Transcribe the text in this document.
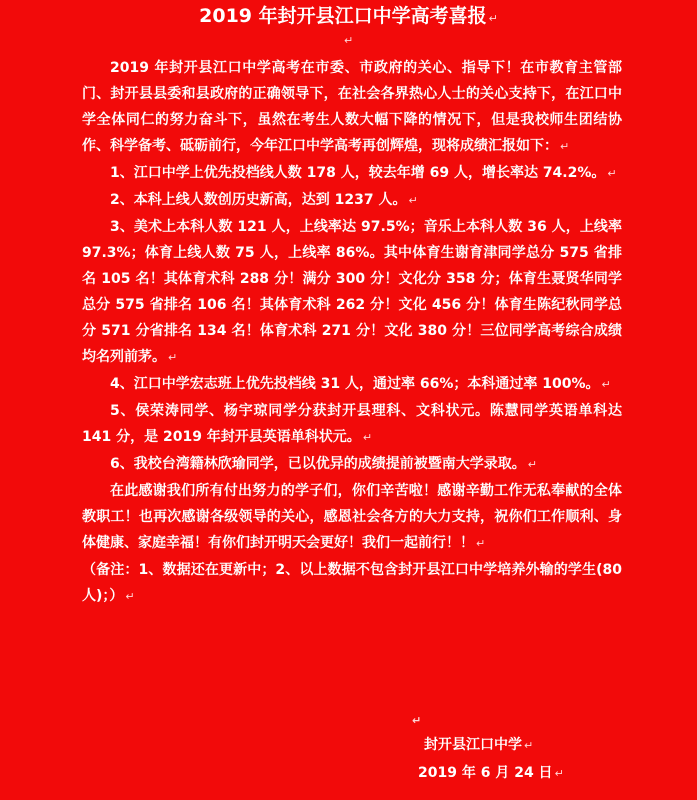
2019 年封开县江口中学高考喜报 ↵
↵

2019 年封开县江口中学高考在市委、市政府的关心、指导下！在市教育主管部门、封开县县委和县政府的正确领导下，在社会各界热心人士的关心支持下，在江口中学全体同仁的努力奋斗下，虽然在考生人数大幅下降的情况下，但是我校师生团结协作、科学备考、砥砺前行，今年江口中学高考再创辉煌，现将成绩汇报如下： ↵

1、江口中学上优先投档线人数 178 人，较去年增 69 人，增长率达 74.2%。 ↵

2、本科上线人数创历史新高，达到 1237 人。 ↵

3、美术上本科人数 121 人，上线率达 97.5%；音乐上本科人数 36 人，上线率 97.3%；体育上线人数 75 人，上线率 86%。其中体育生谢育津同学总分 575 省排名 105 名！其体育术科 288 分！满分 300 分！文化分 358 分；体育生聂贤华同学总分 575 省排名 106 名！其体育术科 262 分！文化 456 分！体育生陈纪秋同学总分 571 分省排名 134 名！体育术科 271 分！文化 380 分！三位同学高考综合成绩均名列前茅。 ↵

4、江口中学宏志班上优先投档线 31 人，通过率 66%；本科通过率 100%。 ↵

5、侯荣涛同学、杨宇琼同学分获封开县理科、文科状元。陈慧同学英语单科达 141 分，是 2019 年封开县英语单科状元。 ↵

6、我校台湾籍林欣瑜同学，已以优异的成绩提前被暨南大学录取。 ↵

在此感谢我们所有付出努力的学子们，你们辛苦啦！感谢辛勤工作无私奉献的全体教职工！也再次感谢各级领导的关心，感恩社会各方的大力支持，祝你们工作顺利、身体健康、家庭幸福！有你们封开明天会更好！我们一起前行！！ ↵

（备注：1、数据还在更新中；2、以上数据不包含封开县江口中学培养外输的学生(80 人)；） ↵

↵
封开县江口中学 ↵
2019 年 6 月 24 日 ↵
